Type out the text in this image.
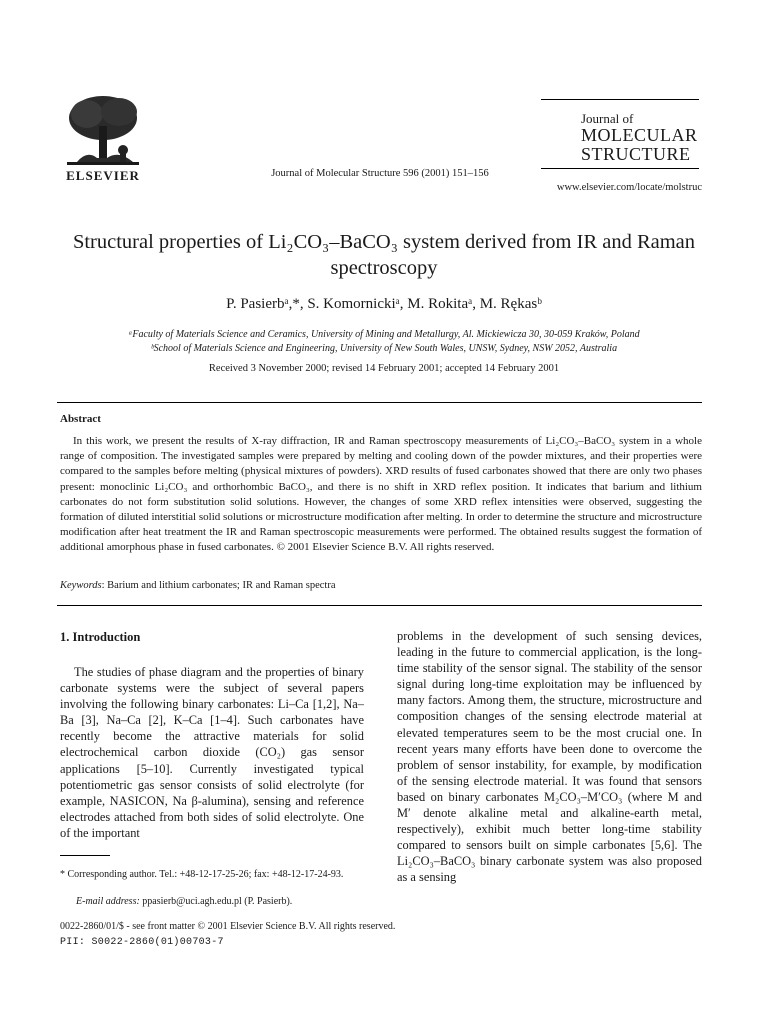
ELSEVIER	Journal of Molecular Structure 596 (2001) 151–156
Journal of
MOLECULAR
STRUCTURE
www.elsevier.com/locate/molstruc
Structural properties of Li₂CO₃–BaCO₃ system derived from IR and Raman spectroscopy
P. Pasierbᵃ,*, S. Komornickiᵃ, M. Rokitaᵃ, M. Rękasᵇ
ᵃFaculty of Materials Science and Ceramics, University of Mining and Metallurgy, Al. Mickiewicza 30, 30-059 Kraków, Poland
ᵇSchool of Materials Science and Engineering, University of New South Wales, UNSW, Sydney, NSW 2052, Australia
Received 3 November 2000; revised 14 February 2001; accepted 14 February 2001
Abstract
In this work, we present the results of X-ray diffraction, IR and Raman spectroscopy measurements of Li₂CO₃–BaCO₃ system in a whole range of composition. The investigated samples were prepared by melting and cooling down of the powder mixtures, and their properties were compared to the samples before melting (physical mixtures of powders). XRD results of fused carbonates showed that there are only two phases present: monoclinic Li₂CO₃ and orthorhombic BaCO₃, and there is no shift in XRD reflex position. It indicates that barium and lithium carbonates do not form substitution solid solutions. However, the changes of some XRD reflex intensities were observed, suggesting the formation of diluted interstitial solid solutions or microstructure modification after melting. In order to determine the structure and microstructure modification after heat treatment the IR and Raman spectroscopic measurements were performed. The obtained results suggest the formation of additional amorphous phase in fused carbonates. © 2001 Elsevier Science B.V. All rights reserved.
Keywords: Barium and lithium carbonates; IR and Raman spectra
1. Introduction
The studies of phase diagram and the properties of binary carbonate systems were the subject of several papers involving the following binary carbonates: Li–Ca [1,2], Na–Ba [3], Na–Ca [2], K–Ca [1–4]. Such carbonates have recently become the attractive materials for solid electrochemical carbon dioxide (CO₂) gas sensor applications [5–10]. Currently investigated typical potentiometric gas sensor consists of solid electrolyte (for example, NASICON, Na β-alumina), sensing and reference electrodes attached from both sides of solid electrolyte. One of the important
problems in the development of such sensing devices, leading in the future to commercial application, is the long-time stability of the sensor signal. The stability of the sensor signal during long-time exploitation may be influenced by many factors. Among them, the structure, microstructure and composition changes of the sensing electrode material at elevated temperatures seem to be the most crucial one. In recent years many efforts have been done to overcome the problem of sensor instability, for example, by modification of the sensing electrode material. It was found that sensors based on binary carbonates M₂CO₃–M′CO₃ (where M and M′ denote alkaline metal and alkaline-earth metal, respectively), exhibit much better long-time stability compared to sensors built on simple carbonates [5,6]. The Li₂CO₃–BaCO₃ binary carbonate system was also proposed as a sensing
* Corresponding author. Tel.: +48-12-17-25-26; fax: +48-12-17-24-93.
E-mail address: ppasierb@uci.agh.edu.pl (P. Pasierb).
0022-2860/01/$ - see front matter © 2001 Elsevier Science B.V. All rights reserved.
PII: S0022-2860(01)00703-7
